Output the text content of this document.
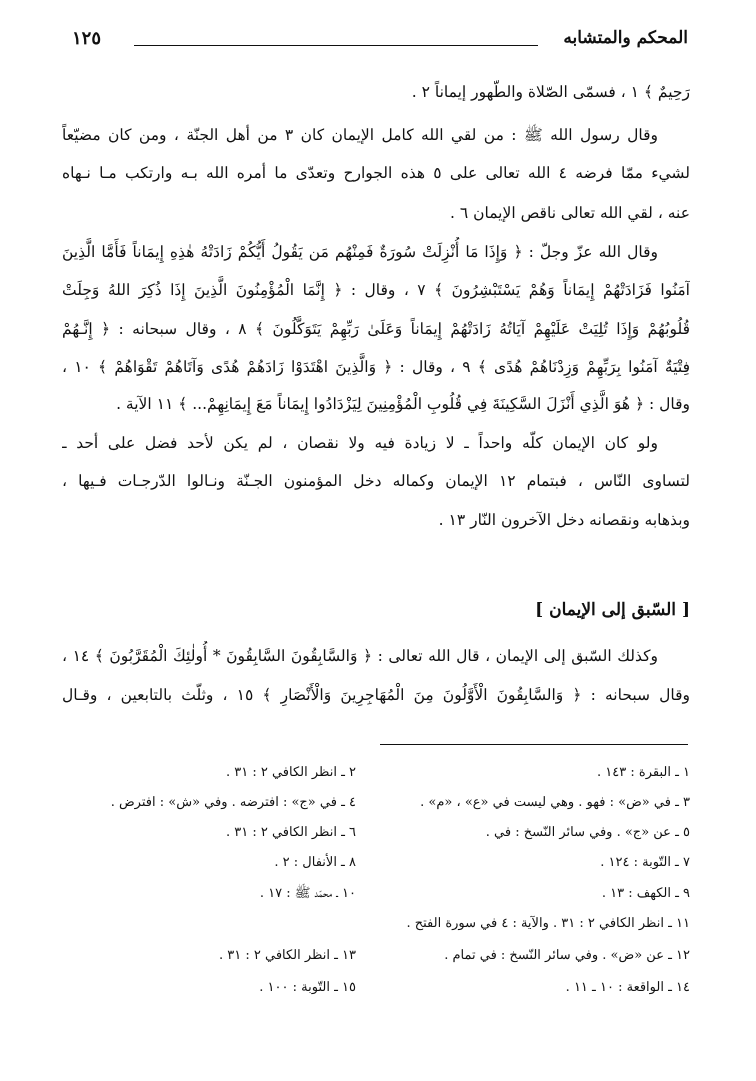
المحكم والمتشابه
١٢٥
رَحِيمٌ ﴾ ١ ، فسمّى الصّلاة والطّهور إيماناً ٢ .
وقال رسول الله ﷺ : من لقي الله كامل الإيمان كان ٣ من أهل الجنّة ، ومن كان مضيّعاً
لشيء ممّا فرضه ٤ الله تعالى على ٥ هذه الجوارح وتعدّى ما أمره الله بـه وارتكب مـا نـهاه
عنه ، لقي الله تعالى ناقص الإيمان ٦ .
وقال الله عزّ وجلّ : ﴿ وَإِذَا مَا أُنْزِلَتْ سُورَةٌ فَمِنْهُم مَن يَقُولُ أَيُّكُمْ زَادَتْهُ هٰذِهِ إِيمَاناً فَأَمَّا الَّذِينَ
آمَنُوا فَزَادَتْهُمْ إِيمَاناً وَهُمْ يَسْتَبْشِرُونَ ﴾ ٧ ، وقال : ﴿ إِنَّمَا الْمُؤْمِنُونَ الَّذِينَ إِذَا ذُكِرَ اللهُ وَجِلَتْ
قُلُوبُهُمْ وَإِذَا تُلِيَتْ عَلَيْهِمْ آيَاتُهُ زَادَتْهُمْ إِيمَاناً وَعَلَىٰ رَبِّهِمْ يَتَوَكَّلُونَ ﴾ ٨ ، وقال سبحانه : ﴿ إِنَّـهُمْ
فِتْيَةٌ آمَنُوا بِرَبِّهِمْ وَزِدْنَاهُمْ هُدًى ﴾ ٩ ، وقال : ﴿ وَالَّذِينَ اهْتَدَوْا زَادَهُمْ هُدًى وَآتَاهُمْ تَقْوَاهُمْ ﴾ ١٠ ،
وقال : ﴿ هُوَ الَّذِي أَنْزَلَ السَّكِينَةَ فِي قُلُوبِ الْمُؤْمِنِينَ لِيَزْدَادُوا إِيمَاناً مَعَ إِيمَانِهِمْ... ﴾ ١١ الآية .
ولو كان الإيمان كلّه واحداً ـ لا زيادة فيه ولا نقصان ، لم يكن لأحد فضل على أحد ـ
لتساوى النّاس ، فبتمام ١٢ الإيمان وكماله دخل المؤمنون الجـنّة ونـالوا الدّرجـات فـيها ،
وبذهابه ونقصانه دخل الآخرون النّار ١٣ .
[ السّبق إلى الإيمان ]
وكذلك السّبق إلى الإيمان ، قال الله تعالى : ﴿ وَالسَّابِقُونَ السَّابِقُونَ * أُولٰئِكَ الْمُقَرَّبُونَ ﴾ ١٤ ،
وقال سبحانه : ﴿ وَالسَّابِقُونَ الْأَوَّلُونَ مِنَ الْمُهَاجِرِينَ وَالْأَنْصَارِ ﴾ ١٥ ، وثلّث بالتابعين ، وقـال
١ ـ البقرة : ١٤٣ .
٢ ـ انظر الكافي ٢ : ٣١ .
٣ ـ في «ض» : فهو . وهي ليست في «ع» ، «م» .
٤ ـ في «ج» : افترضه . وفي «ش» : افترض .
٥ ـ عن «ج» . وفي سائر النّسخ : في .
٦ ـ انظر الكافي ٢ : ٣١ .
٧ ـ التّوبة : ١٢٤ .
٨ ـ الأنفال : ٢ .
٩ ـ الكهف : ١٣ .
١٠ ـ محمّد ﷺ : ١٧ .
١١ ـ انظر الكافي ٢ : ٣١ . والآية : ٤ في سورة الفتح .
١٢ ـ عن «ض» . وفي سائر النّسخ : في تمام .
١٣ ـ انظر الكافي ٢ : ٣١ .
١٤ ـ الواقعة : ١٠ ـ ١١ .
١٥ ـ التّوبة : ١٠٠ .
